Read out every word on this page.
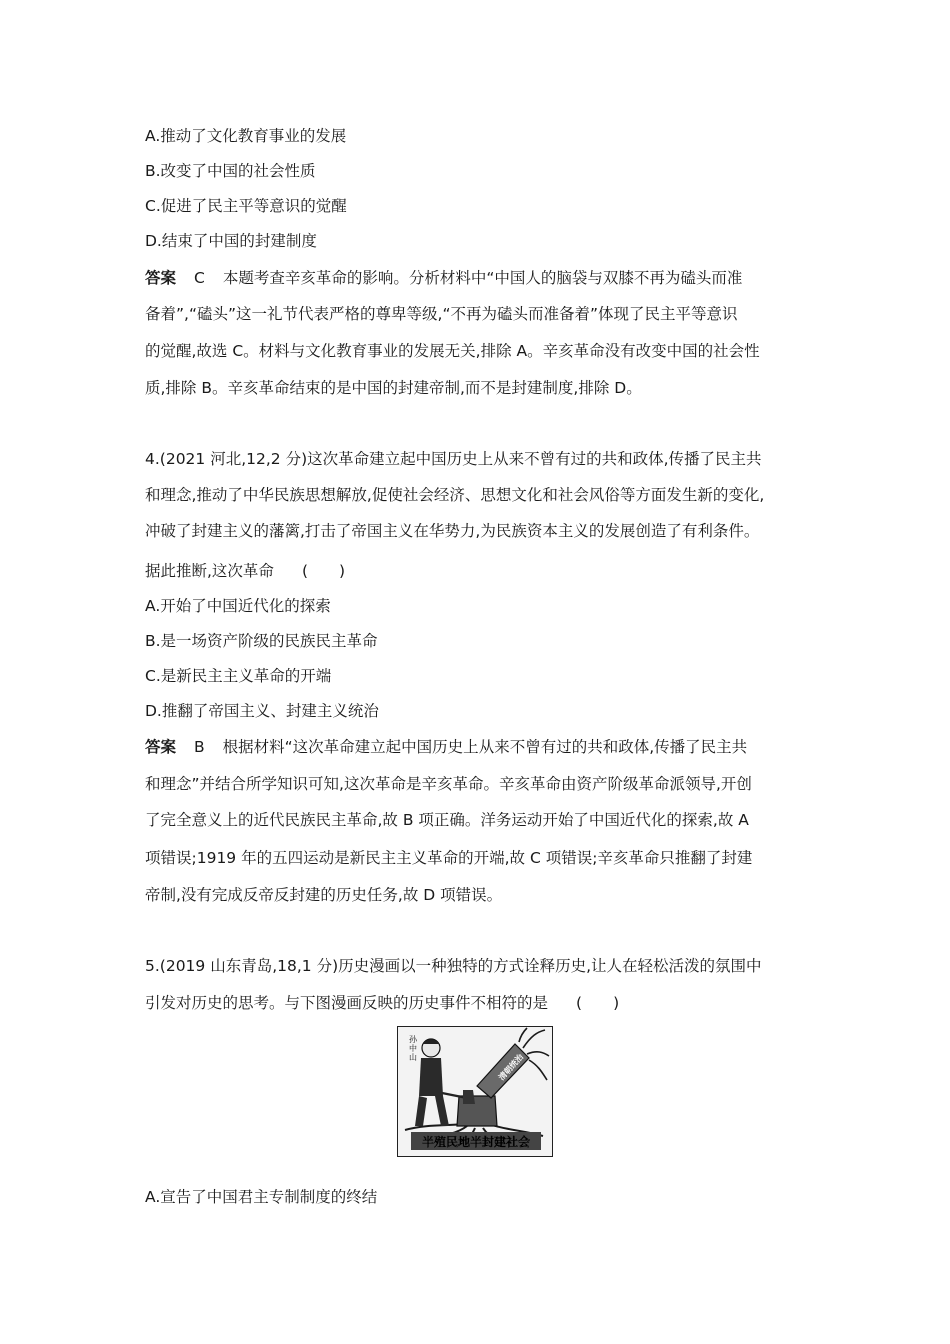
A.推动了文化教育事业的发展
B.改变了中国的社会性质
C.促进了民主平等意识的觉醒
D.结束了中国的封建制度
答案 C 本题考查辛亥革命的影响。分析材料中“中国人的脑袋与双膝不再为磕头而准
备着”,“磕头”这一礼节代表严格的尊卑等级,“不再为磕头而准备着”体现了民主平等意识
的觉醒,故选 C。材料与文化教育事业的发展无关,排除 A。辛亥革命没有改变中国的社会性
质,排除 B。辛亥革命结束的是中国的封建帝制,而不是封建制度,排除 D。
4.(2021 河北,12,2 分)这次革命建立起中国历史上从来不曾有过的共和政体,传播了民主共
和理念,推动了中华民族思想解放,促使社会经济、思想文化和社会风俗等方面发生新的变化,
冲破了封建主义的藩篱,打击了帝国主义在华势力,为民族资本主义的发展创造了有利条件。
据此推断,这次革命 (　　)
A.开始了中国近代化的探索
B.是一场资产阶级的民族民主革命
C.是新民主主义革命的开端
D.推翻了帝国主义、封建主义统治
答案 B 根据材料“这次革命建立起中国历史上从来不曾有过的共和政体,传播了民主共
和理念”并结合所学知识可知,这次革命是辛亥革命。辛亥革命由资产阶级革命派领导,开创
了完全意义上的近代民族民主革命,故 B 项正确。洋务运动开始了中国近代化的探索,故 A
项错误;1919 年的五四运动是新民主主义革命的开端,故 C 项错误;辛亥革命只推翻了封建
帝制,没有完成反帝反封建的历史任务,故 D 项错误。
5.(2019 山东青岛,18,1 分)历史漫画以一种独特的方式诠释历史,让人在轻松活泼的氛围中
引发对历史的思考。与下图漫画反映的历史事件不相符的是 (　　)
孙 中 山	清朝统治
半殖民地半封建社会
A.宣告了中国君主专制制度的终结
